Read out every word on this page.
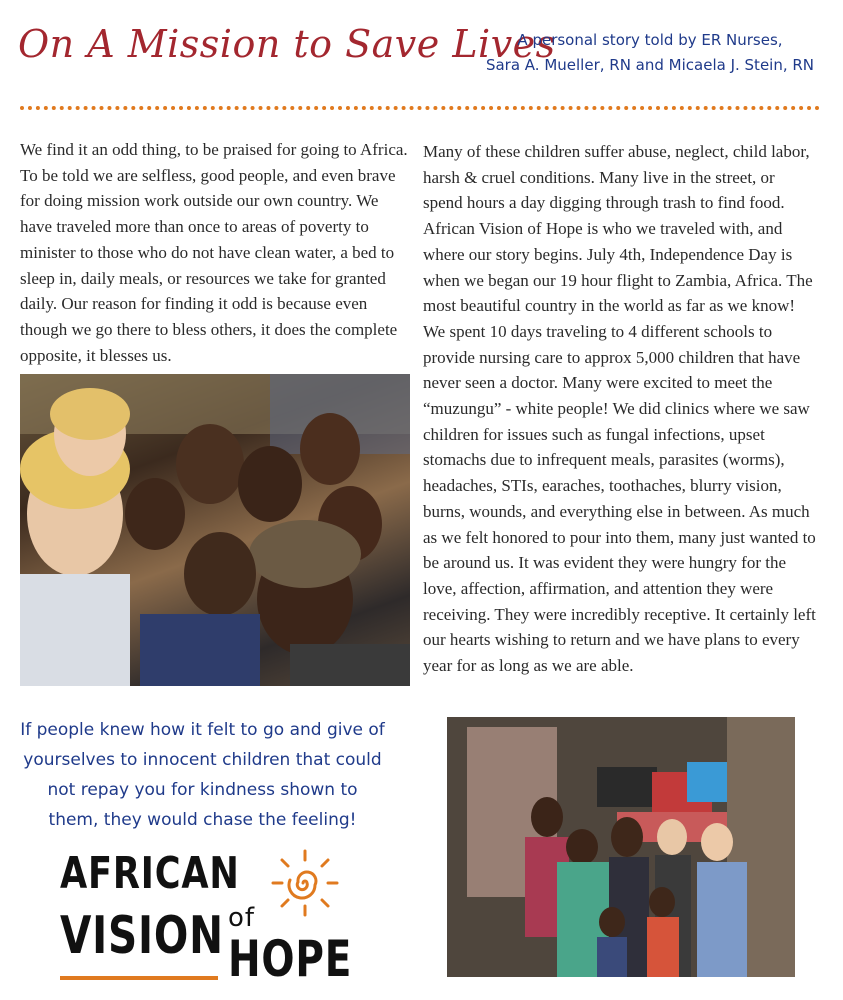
On A Mission to Save Lives
A personal story told by ER Nurses,
Sara A. Mueller, RN and Micaela J. Stein, RN
We find it an odd thing, to be praised for going to Africa. To be told we are selfless, good people, and even brave for doing mission work outside our own country. We have traveled more than once to areas of poverty to minister to those who do not have clean water, a bed to sleep in, daily meals, or resources we take for granted daily. Our reason for finding it odd is because even though we go there to bless others, it does the complete opposite, it blesses us.
Many of these children suffer abuse, neglect, child labor, harsh & cruel conditions. Many live in the street, or spend hours a day digging through trash to find food. African Vision of Hope is who we traveled with, and where our story begins. July 4th, Independence Day is when we began our 19 hour flight to Zambia, Africa. The most beautiful country in the world as far as we know! We spent 10 days traveling to 4 different schools to provide nursing care to approx 5,000 children that have never seen a doctor. Many were excited to meet the “muzungu” - white people! We did clinics where we saw children for issues such as fungal infections, upset stomachs due to infrequent meals, parasites (worms), headaches, STIs, earaches, toothaches, blurry vision, burns, wounds, and everything else in between. As much as we felt honored to pour into them, many just wanted to be around us. It was evident they were hungry for the love, affection, affirmation, and attention they were receiving. They were incredibly receptive. It certainly left our hearts wishing to return and we have plans to every year for as long as we are able.
If people knew how it felt to go and give of yourselves to innocent children that could not repay you for kindness shown to them, they would chase the feeling!
AFRICAN
VISION of
HOPE
